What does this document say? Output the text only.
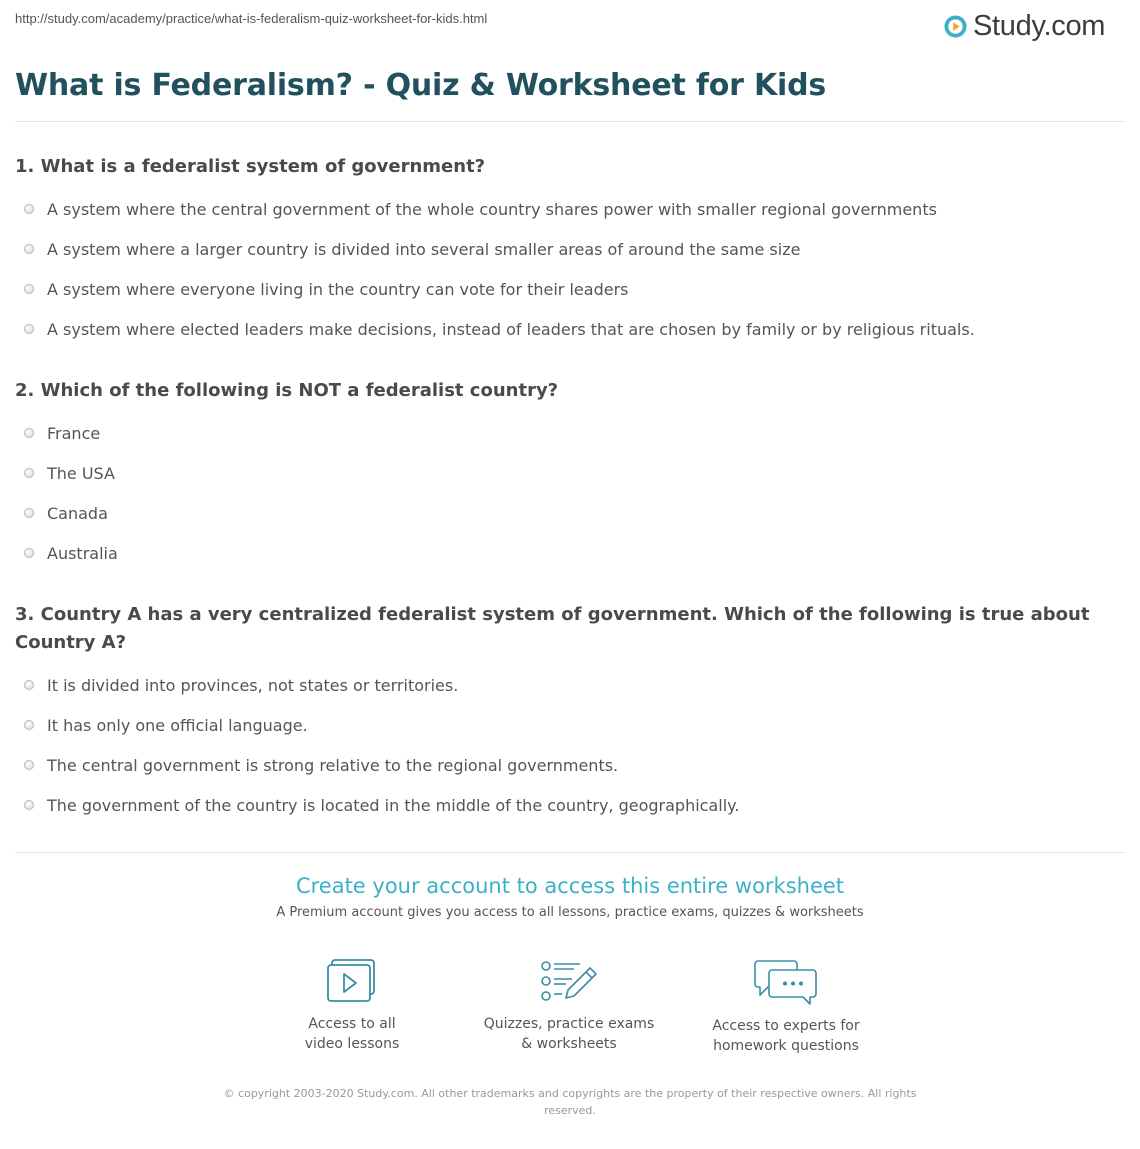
http://study.com/academy/practice/what-is-federalism-quiz-worksheet-for-kids.html	Study.com
What is Federalism? - Quiz & Worksheet for Kids

1. What is a federalist system of government?

A system where the central government of the whole country shares power with smaller regional governments
A system where a larger country is divided into several smaller areas of around the same size
A system where everyone living in the country can vote for their leaders
A system where elected leaders make decisions, instead of leaders that are chosen by family or by religious rituals.

2. Which of the following is NOT a federalist country?

France
The USA
Canada
Australia

3. Country A has a very centralized federalist system of government. Which of the following is true about Country A?

It is divided into provinces, not states or territories.
It has only one official language.
The central government is strong relative to the regional governments.
The government of the country is located in the middle of the country, geographically.
Create your account to access this entire worksheet
A Premium account gives you access to all lessons, practice exams, quizzes & worksheets
Access to all
video lessons
Quizzes, practice exams
& worksheets
Access to experts for
homework questions
© copyright 2003-2020 Study.com. All other trademarks and copyrights are the property of their respective owners. All rights reserved.
